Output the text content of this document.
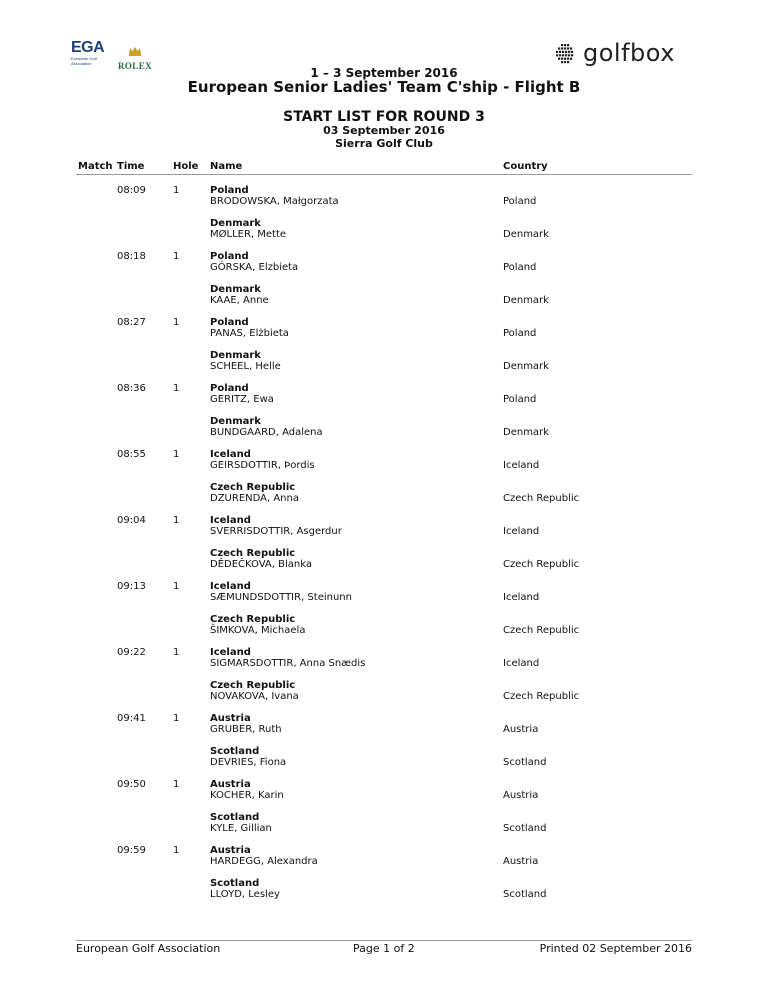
EGA
European Golf Association	ROLEX	golfbox
1 – 3 September 2016
European Senior Ladies' Team C'ship - Flight B
START LIST FOR ROUND 3
03 September 2016
Sierra Golf Club
Match Time	Hole Name	Country
08:09	1	Poland
BRODOWSKA, Małgorzata	Poland
Denmark
MØLLER, Mette	Denmark
08:18	1	Poland
GÓRSKA, Elzbieta	Poland
Denmark
KAAE, Anne	Denmark
08:27	1	Poland
PANAS, Elżbieta	Poland
Denmark
SCHEEL, Helle	Denmark
08:36	1	Poland
GERITZ, Ewa	Poland
Denmark
BUNDGAARD, Adalena	Denmark
08:55	1	Iceland
GEIRSDOTTIR, Þordis	Iceland
Czech Republic
DZURENDA, Anna	Czech Republic
09:04	1	Iceland
SVERRISDOTTIR, Asgerdur	Iceland
Czech Republic
DĚDEČKOVA, Blanka	Czech Republic
09:13	1	Iceland
SÆMUNDSDOTTIR, Steinunn	Iceland
Czech Republic
ŠIMKOVA, Michaela	Czech Republic
09:22	1	Iceland
SIGMARSDOTTIR, Anna Snædis	Iceland
Czech Republic
NOVAKOVA, Ivana	Czech Republic
09:41	1	Austria
GRUBER, Ruth	Austria
Scotland
DEVRIES, Fiona	Scotland
09:50	1	Austria
KOCHER, Karin	Austria
Scotland
KYLE, Gillian	Scotland
09:59	1	Austria
HARDEGG, Alexandra	Austria
Scotland
LLOYD, Lesley	Scotland
European Golf Association	Page 1 of 2	Printed 02 September 2016
